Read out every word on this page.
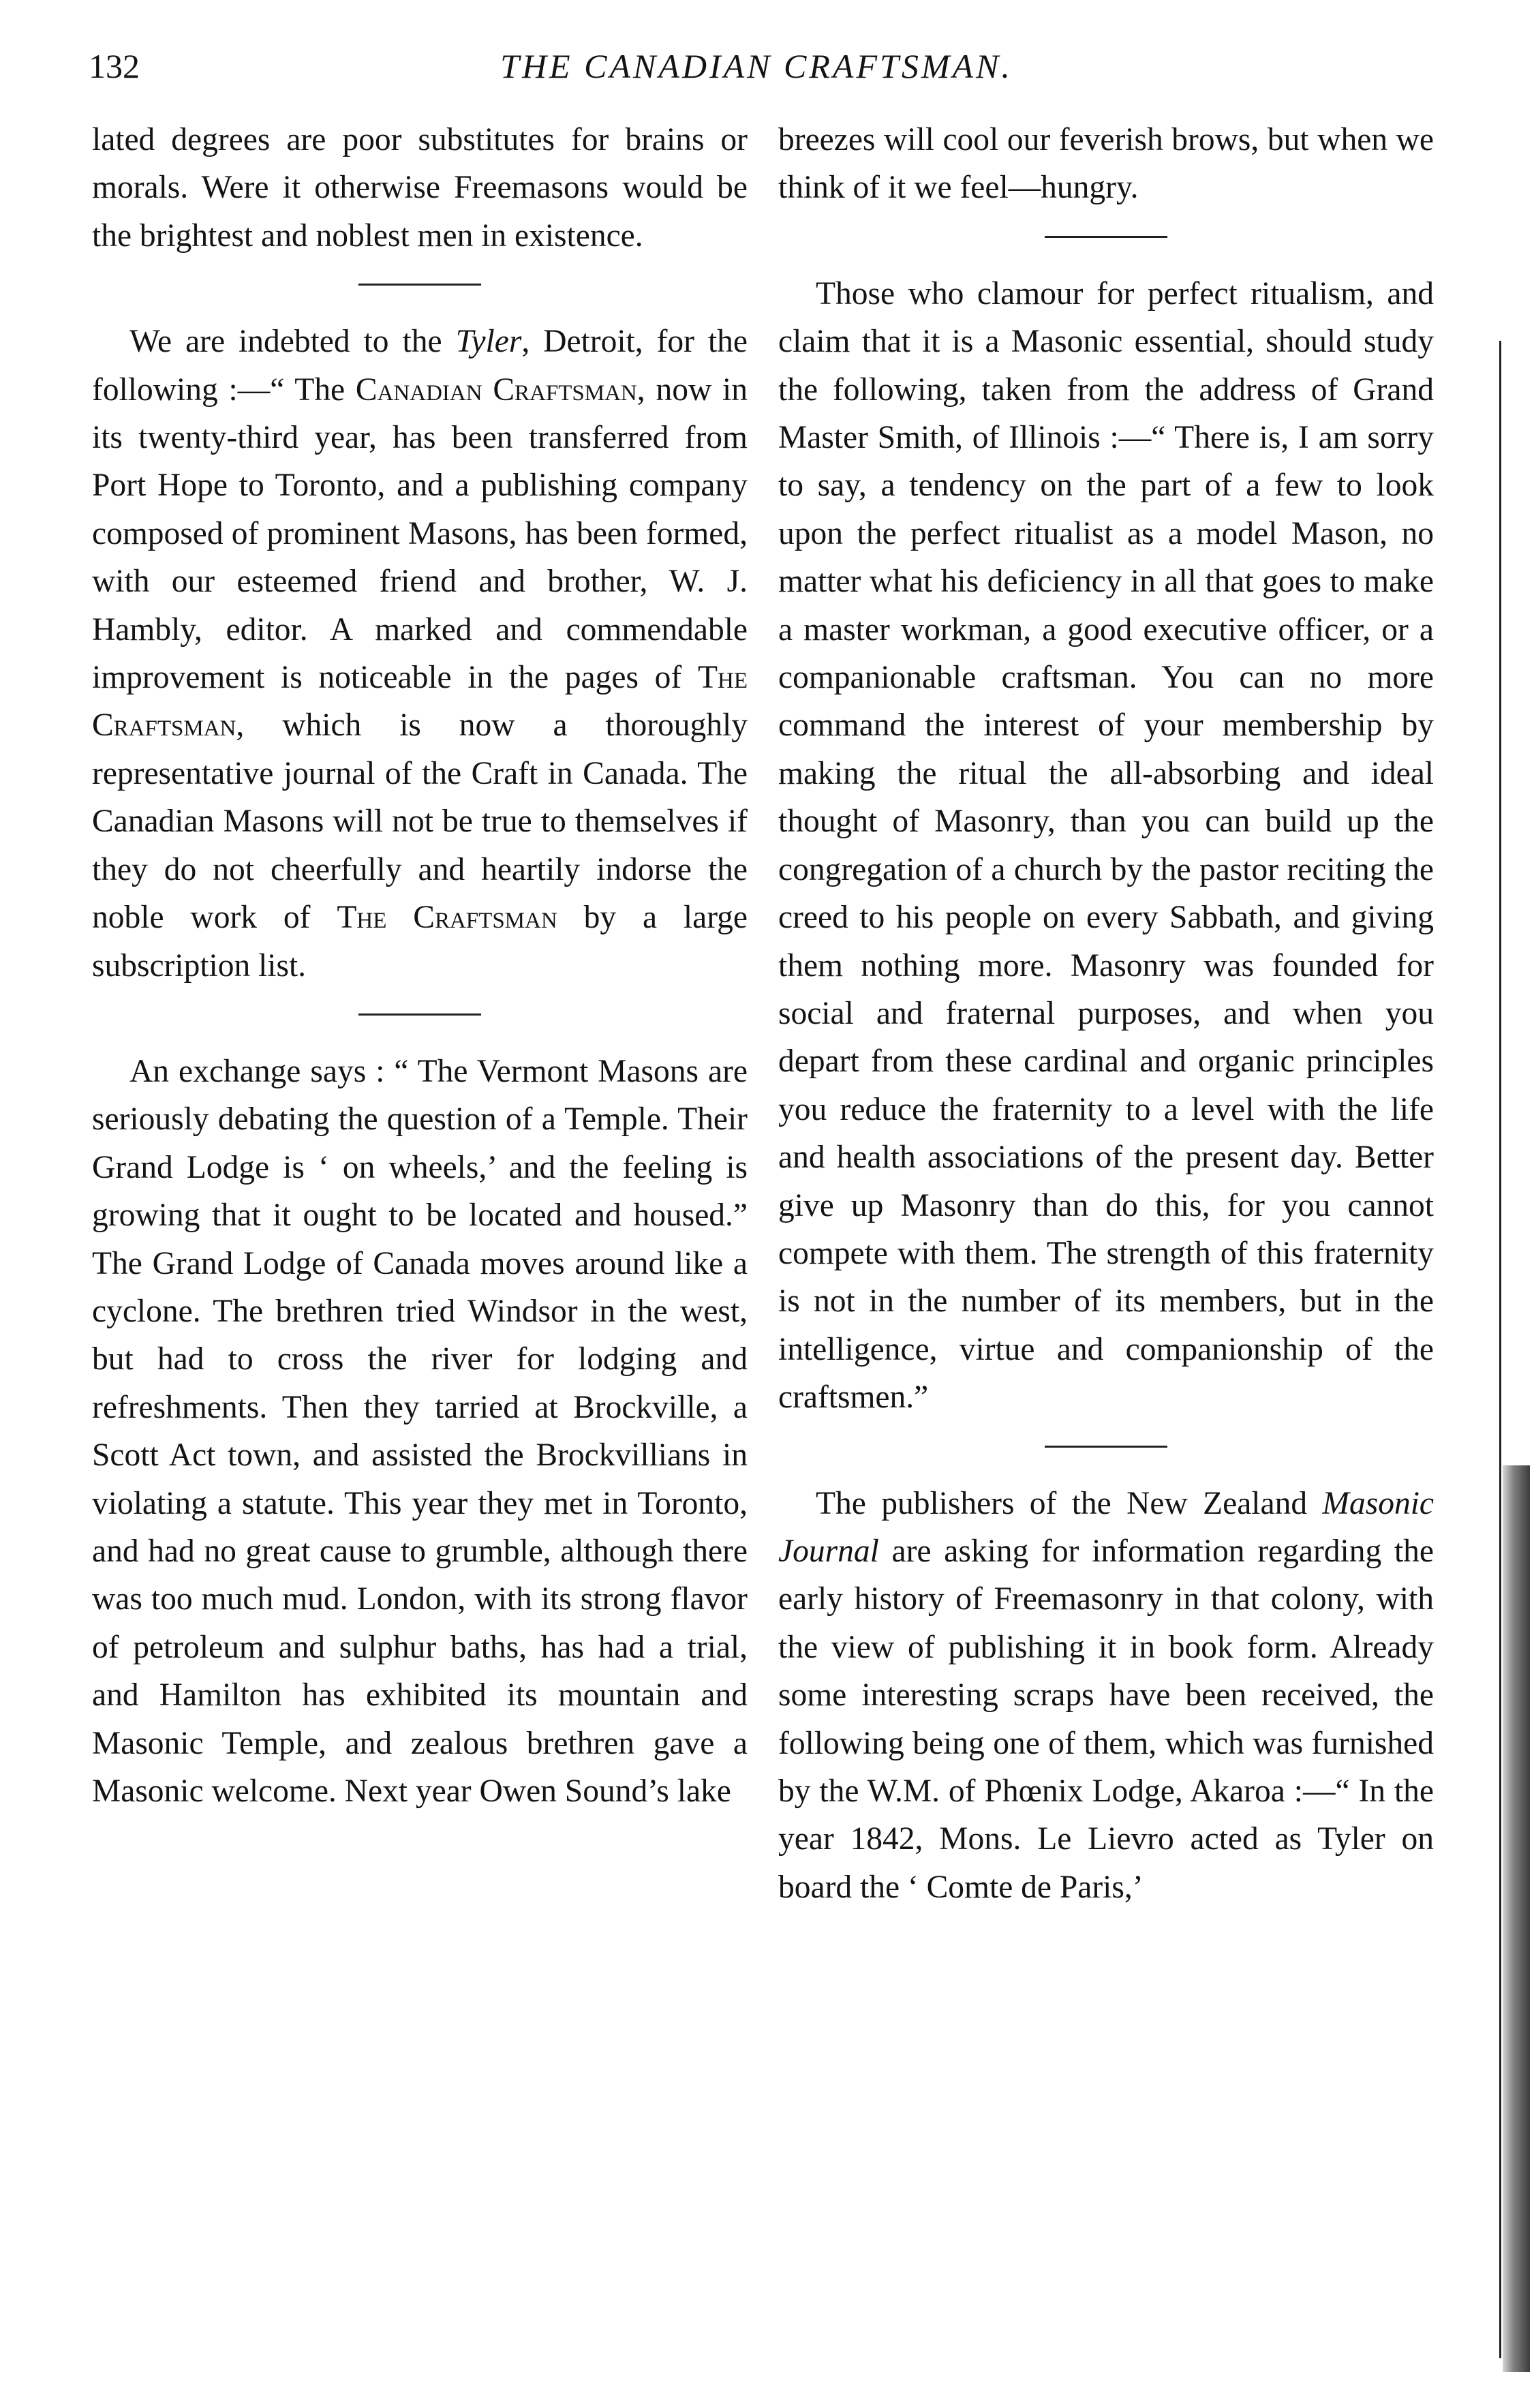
132	THE CANADIAN CRAFTSMAN.

lated degrees are poor substitutes for brains or morals. Were it otherwise Freemasons would be the brightest and noblest men in existence.

We are indebted to the Tyler, Detroit, for the following :—“ The Canadian Craftsman, now in its twenty-third year, has been transferred from Port Hope to Toronto, and a publishing company composed of prominent Masons, has been formed, with our esteemed friend and brother, W. J. Hambly, editor. A marked and commendable improvement is noticeable in the pages of The Craftsman, which is now a thoroughly representative journal of the Craft in Canada. The Canadian Masons will not be true to themselves if they do not cheerfully and heartily indorse the noble work of The Craftsman by a large subscription list.

An exchange says : “ The Vermont Masons are seriously debating the question of a Temple. Their Grand Lodge is ‘ on wheels,’ and the feeling is growing that it ought to be located and housed.” The Grand Lodge of Canada moves around like a cyclone. The brethren tried Windsor in the west, but had to cross the river for lodging and refreshments. Then they tarried at Brockville, a Scott Act town, and assisted the Brockvillians in violating a statute. This year they met in Toronto, and had no great cause to grumble, although there was too much mud. London, with its strong flavor of petroleum and sulphur baths, has had a trial, and Hamilton has exhibited its mountain and Masonic Temple, and zealous brethren gave a Masonic welcome. Next year Owen Sound’s lake

breezes will cool our feverish brows, but when we think of it we feel—hungry.

Those who clamour for perfect ritualism, and claim that it is a Masonic essential, should study the following, taken from the address of Grand Master Smith, of Illinois :—“ There is, I am sorry to say, a tendency on the part of a few to look upon the perfect ritualist as a model Mason, no matter what his deficiency in all that goes to make a master workman, a good executive officer, or a companionable craftsman. You can no more command the interest of your membership by making the ritual the all-absorbing and ideal thought of Masonry, than you can build up the congregation of a church by the pastor reciting the creed to his people on every Sabbath, and giving them nothing more. Masonry was founded for social and fraternal purposes, and when you depart from these cardinal and organic principles you reduce the fraternity to a level with the life and health associations of the present day. Better give up Masonry than do this, for you cannot compete with them. The strength of this fraternity is not in the number of its members, but in the intelligence, virtue and companionship of the craftsmen.”

The publishers of the New Zealand Masonic Journal are asking for information regarding the early history of Freemasonry in that colony, with the view of publishing it in book form. Already some interesting scraps have been received, the following being one of them, which was furnished by the W.M. of Phœnix Lodge, Akaroa :—“ In the year 1842, Mons. Le Lievro acted as Tyler on board the ‘ Comte de Paris,’
